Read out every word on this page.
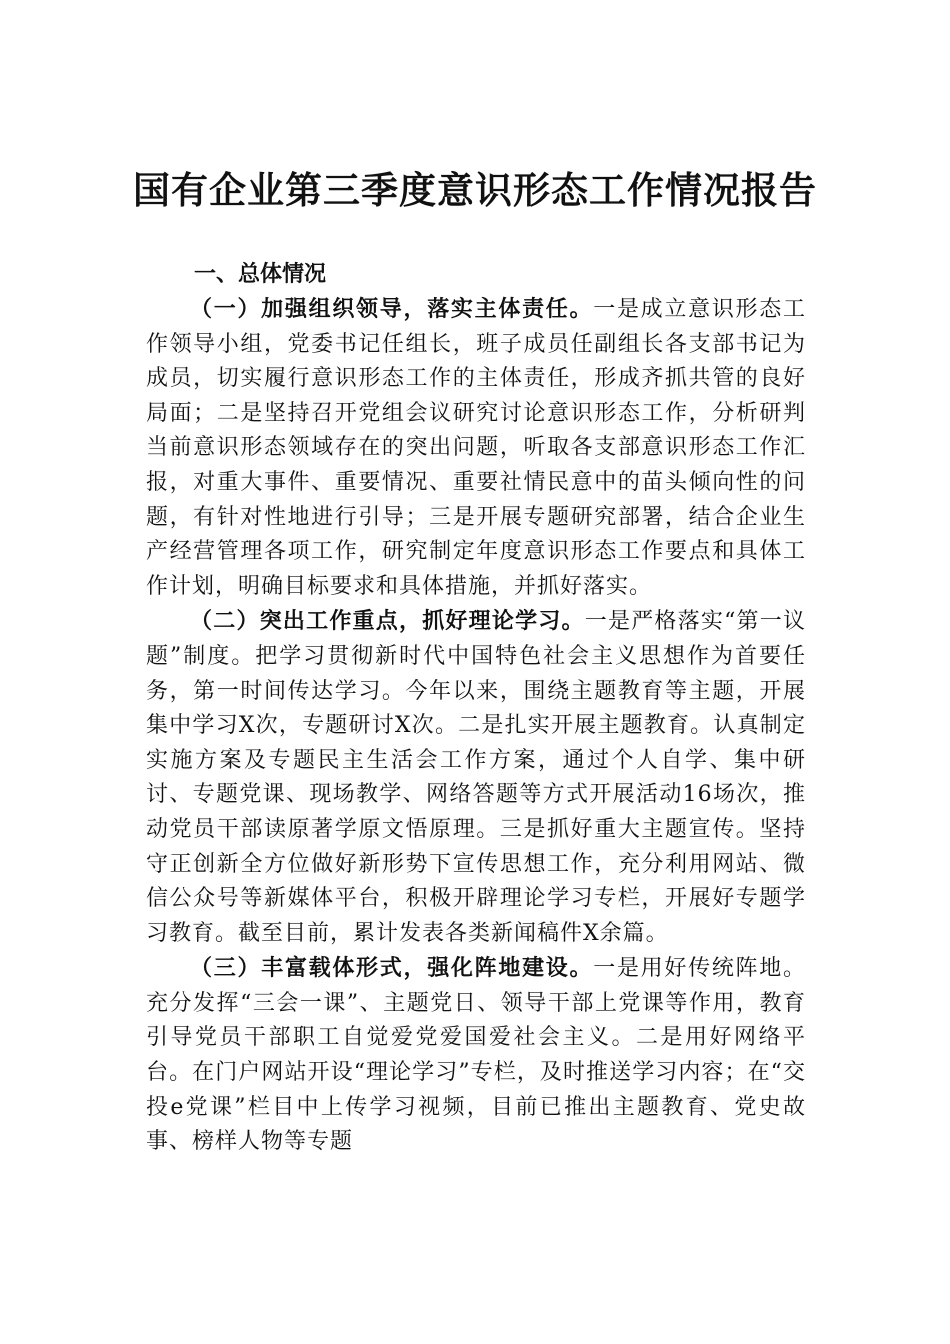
国有企业第三季度意识形态工作情况报告
一、总体情况

（一）加强组织领导，落实主体责任。一是成立意识形态工作领导小组，党委书记任组长，班子成员任副组长各支部书记为成员，切实履行意识形态工作的主体责任，形成齐抓共管的良好局面；二是坚持召开党组会议研究讨论意识形态工作，分析研判当前意识形态领域存在的突出问题，听取各支部意识形态工作汇报，对重大事件、重要情况、重要社情民意中的苗头倾向性的问题，有针对性地进行引导；三是开展专题研究部署，结合企业生产经营管理各项工作，研究制定年度意识形态工作要点和具体工作计划，明确目标要求和具体措施，并抓好落实。

（二）突出工作重点，抓好理论学习。一是严格落实“第一议题”制度。把学习贯彻新时代中国特色社会主义思想作为首要任务，第一时间传达学习。今年以来，围绕主题教育等主题，开展集中学习X次，专题研讨X次。二是扎实开展主题教育。认真制定实施方案及专题民主生活会工作方案，通过个人自学、集中研讨、专题党课、现场教学、网络答题等方式开展活动16场次，推动党员干部读原著学原文悟原理。三是抓好重大主题宣传。坚持守正创新全方位做好新形势下宣传思想工作，充分利用网站、微信公众号等新媒体平台，积极开辟理论学习专栏，开展好专题学习教育。截至目前，累计发表各类新闻稿件X余篇。

（三）丰富载体形式，强化阵地建设。一是用好传统阵地。充分发挥“三会一课”、主题党日、领导干部上党课等作用，教育引导党员干部职工自觉爱党爱国爱社会主义。二是用好网络平台。在门户网站开设“理论学习”专栏，及时推送学习内容；在“交投e党课”栏目中上传学习视频，目前已推出主题教育、党史故事、榜样人物等专题
